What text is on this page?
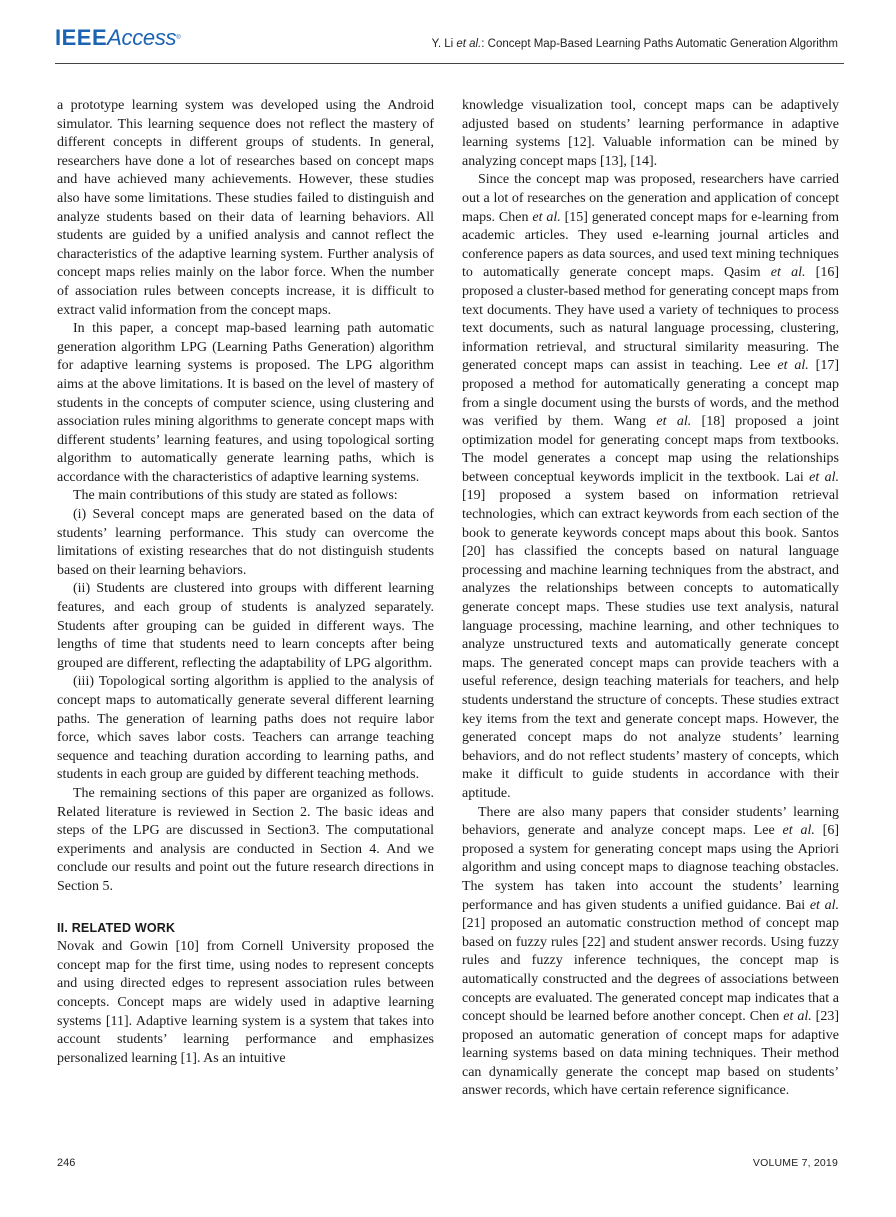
IEEEAccess®	Y. Li et al.: Concept Map-Based Learning Paths Automatic Generation Algorithm

a prototype learning system was developed using the Android simulator. This learning sequence does not reflect the mastery of different concepts in different groups of students. In general, researchers have done a lot of researches based on concept maps and have achieved many achievements. However, these studies also have some limitations. These studies failed to distinguish and analyze students based on their data of learning behaviors. All students are guided by a unified analysis and cannot reflect the characteristics of the adaptive learning system. Further analysis of concept maps relies mainly on the labor force. When the number of association rules between concepts increase, it is difficult to extract valid information from the concept maps.

In this paper, a concept map-based learning path automatic generation algorithm LPG (Learning Paths Generation) algorithm for adaptive learning systems is proposed. The LPG algorithm aims at the above limitations. It is based on the level of mastery of students in the concepts of computer science, using clustering and association rules mining algorithms to generate concept maps with different students’ learning features, and using topological sorting algorithm to automatically generate learning paths, which is accordance with the characteristics of adaptive learning systems.

The main contributions of this study are stated as follows:

(i) Several concept maps are generated based on the data of students’ learning performance. This study can overcome the limitations of existing researches that do not distinguish students based on their learning behaviors.

(ii) Students are clustered into groups with different learning features, and each group of students is analyzed separately. Students after grouping can be guided in different ways. The lengths of time that students need to learn concepts after being grouped are different, reflecting the adaptability of LPG algorithm.

(iii) Topological sorting algorithm is applied to the analysis of concept maps to automatically generate several different learning paths. The generation of learning paths does not require labor force, which saves labor costs. Teachers can arrange teaching sequence and teaching duration according to learning paths, and students in each group are guided by different teaching methods.

The remaining sections of this paper are organized as follows. Related literature is reviewed in Section 2. The basic ideas and steps of the LPG are discussed in Section3. The computational experiments and analysis are conducted in Section 4. And we conclude our results and point out the future research directions in Section 5.

II. RELATED WORK

Novak and Gowin [10] from Cornell University proposed the concept map for the first time, using nodes to represent concepts and using directed edges to represent association rules between concepts. Concept maps are widely used in adaptive learning systems [11]. Adaptive learning system is a system that takes into account students’ learning performance and emphasizes personalized learning [1]. As an intuitive

knowledge visualization tool, concept maps can be adaptively adjusted based on students’ learning performance in adaptive learning systems [12]. Valuable information can be mined by analyzing concept maps [13], [14].

Since the concept map was proposed, researchers have carried out a lot of researches on the generation and application of concept maps. Chen et al. [15] generated concept maps for e-learning from academic articles. They used e-learning journal articles and conference papers as data sources, and used text mining techniques to automatically generate concept maps. Qasim et al. [16] proposed a cluster-based method for generating concept maps from text documents. They have used a variety of techniques to process text documents, such as natural language processing, clustering, information retrieval, and structural similarity measuring. The generated concept maps can assist in teaching. Lee et al. [17] proposed a method for automatically generating a concept map from a single document using the bursts of words, and the method was verified by them. Wang et al. [18] proposed a joint optimization model for generating concept maps from textbooks. The model generates a concept map using the relationships between conceptual keywords implicit in the textbook. Lai et al. [19] proposed a system based on information retrieval technologies, which can extract keywords from each section of the book to generate keywords concept maps about this book. Santos [20] has classified the concepts based on natural language processing and machine learning techniques from the abstract, and analyzes the relationships between concepts to automatically generate concept maps. These studies use text analysis, natural language processing, machine learning, and other techniques to analyze unstructured texts and automatically generate concept maps. The generated concept maps can provide teachers with a useful reference, design teaching materials for teachers, and help students understand the structure of concepts. These studies extract key items from the text and generate concept maps. However, the generated concept maps do not analyze students’ learning behaviors, and do not reflect students’ mastery of concepts, which make it difficult to guide students in accordance with their aptitude.

There are also many papers that consider students’ learning behaviors, generate and analyze concept maps. Lee et al. [6] proposed a system for generating concept maps using the Apriori algorithm and using concept maps to diagnose teaching obstacles. The system has taken into account the students’ learning performance and has given students a unified guidance. Bai et al. [21] proposed an automatic construction method of concept map based on fuzzy rules [22] and student answer records. Using fuzzy rules and fuzzy inference techniques, the concept map is automatically constructed and the degrees of associations between concepts are evaluated. The generated concept map indicates that a concept should be learned before another concept. Chen et al. [23] proposed an automatic generation of concept maps for adaptive learning systems based on data mining techniques. Their method can dynamically generate the concept map based on students’ answer records, which have certain reference significance.

246	VOLUME 7, 2019
